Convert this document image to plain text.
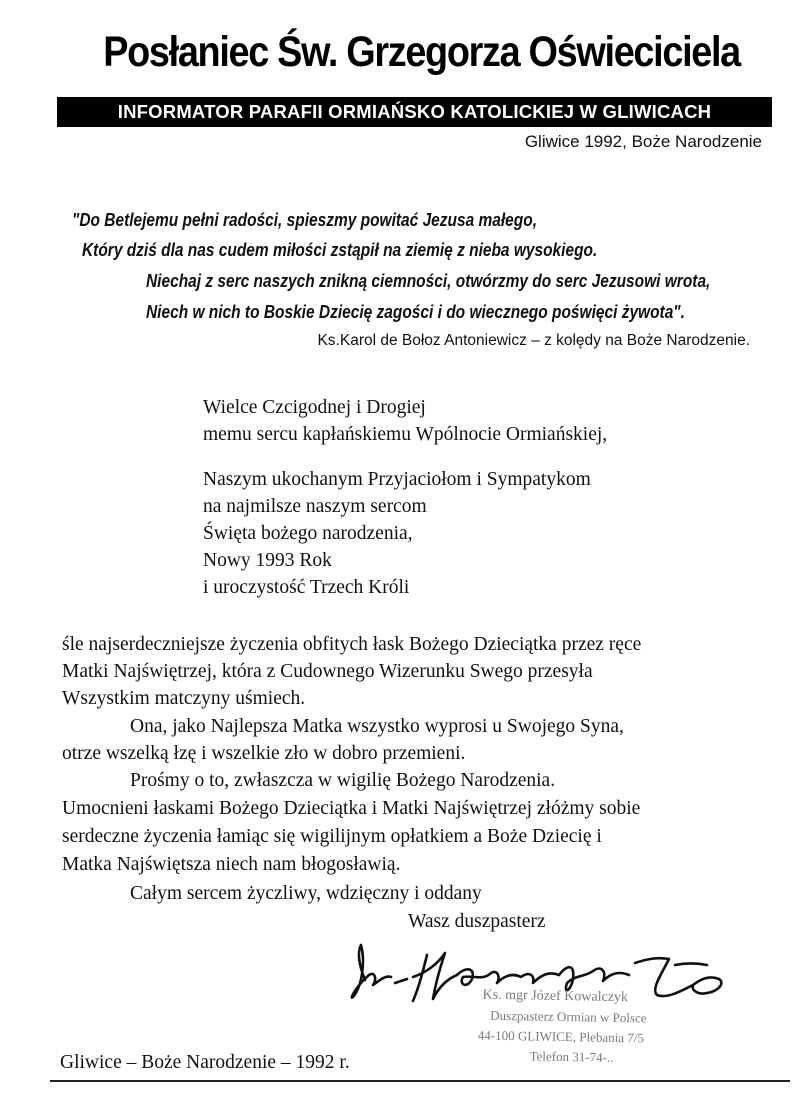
Posłaniec Św. Grzegorza Oświeciciela
INFORMATOR PARAFII ORMIAŃSKO KATOLICKIEJ W GLIWICACH
Gliwice 1992, Boże Narodzenie
"Do Betlejemu pełni radości, spieszmy powitać Jezusa małego,
Który dziś dla nas cudem miłości zstąpił na ziemię z nieba wysokiego.
Niechaj z serc naszych znikną ciemności, otwórzmy do serc Jezusowi wrota,
Niech w nich to Boskie Dziecię zagości i do wiecznego poświęci żywota".
Ks.Karol de Bołoz Antoniewicz – z kolędy na Boże Narodzenie.
Wielce Czcigodnej i Drogiej
memu sercu kapłańskiemu Wpólnocie Ormiańskiej,
Naszym ukochanym Przyjaciołom i Sympatykom
na najmilsze naszym sercom
Święta bożego narodzenia,
Nowy 1993 Rok
i uroczystość Trzech Króli
śle najserdeczniejsze życzenia obfitych łask Bożego Dzieciątka przez ręce
Matki Najświętrzej, która z Cudownego Wizerunku Swego przesyła
Wszystkim matczyny uśmiech.
Ona, jako Najlepsza Matka wszystko wyprosi u Swojego Syna,
otrze wszelką łzę i wszelkie zło w dobro przemieni.
Prośmy o to, zwłaszcza w wigilię Bożego Narodzenia.
Umocnieni łaskami Bożego Dzieciątka i Matki Najświętrzej złóżmy sobie
serdeczne życzenia łamiąc się wigilijnym opłatkiem a Boże Dziecię i
Matka Najświętsza niech nam błogosławią.
Całym sercem życzliwy, wdzięczny i oddany
Wasz duszpasterz
Ks. mgr Józef Kowalczyk
Duszpasterz Ormian w Polsce
44-100 GLIWICE, Plebania 7/5
Telefon 31-74-..
Gliwice – Boże Narodzenie – 1992 r.
